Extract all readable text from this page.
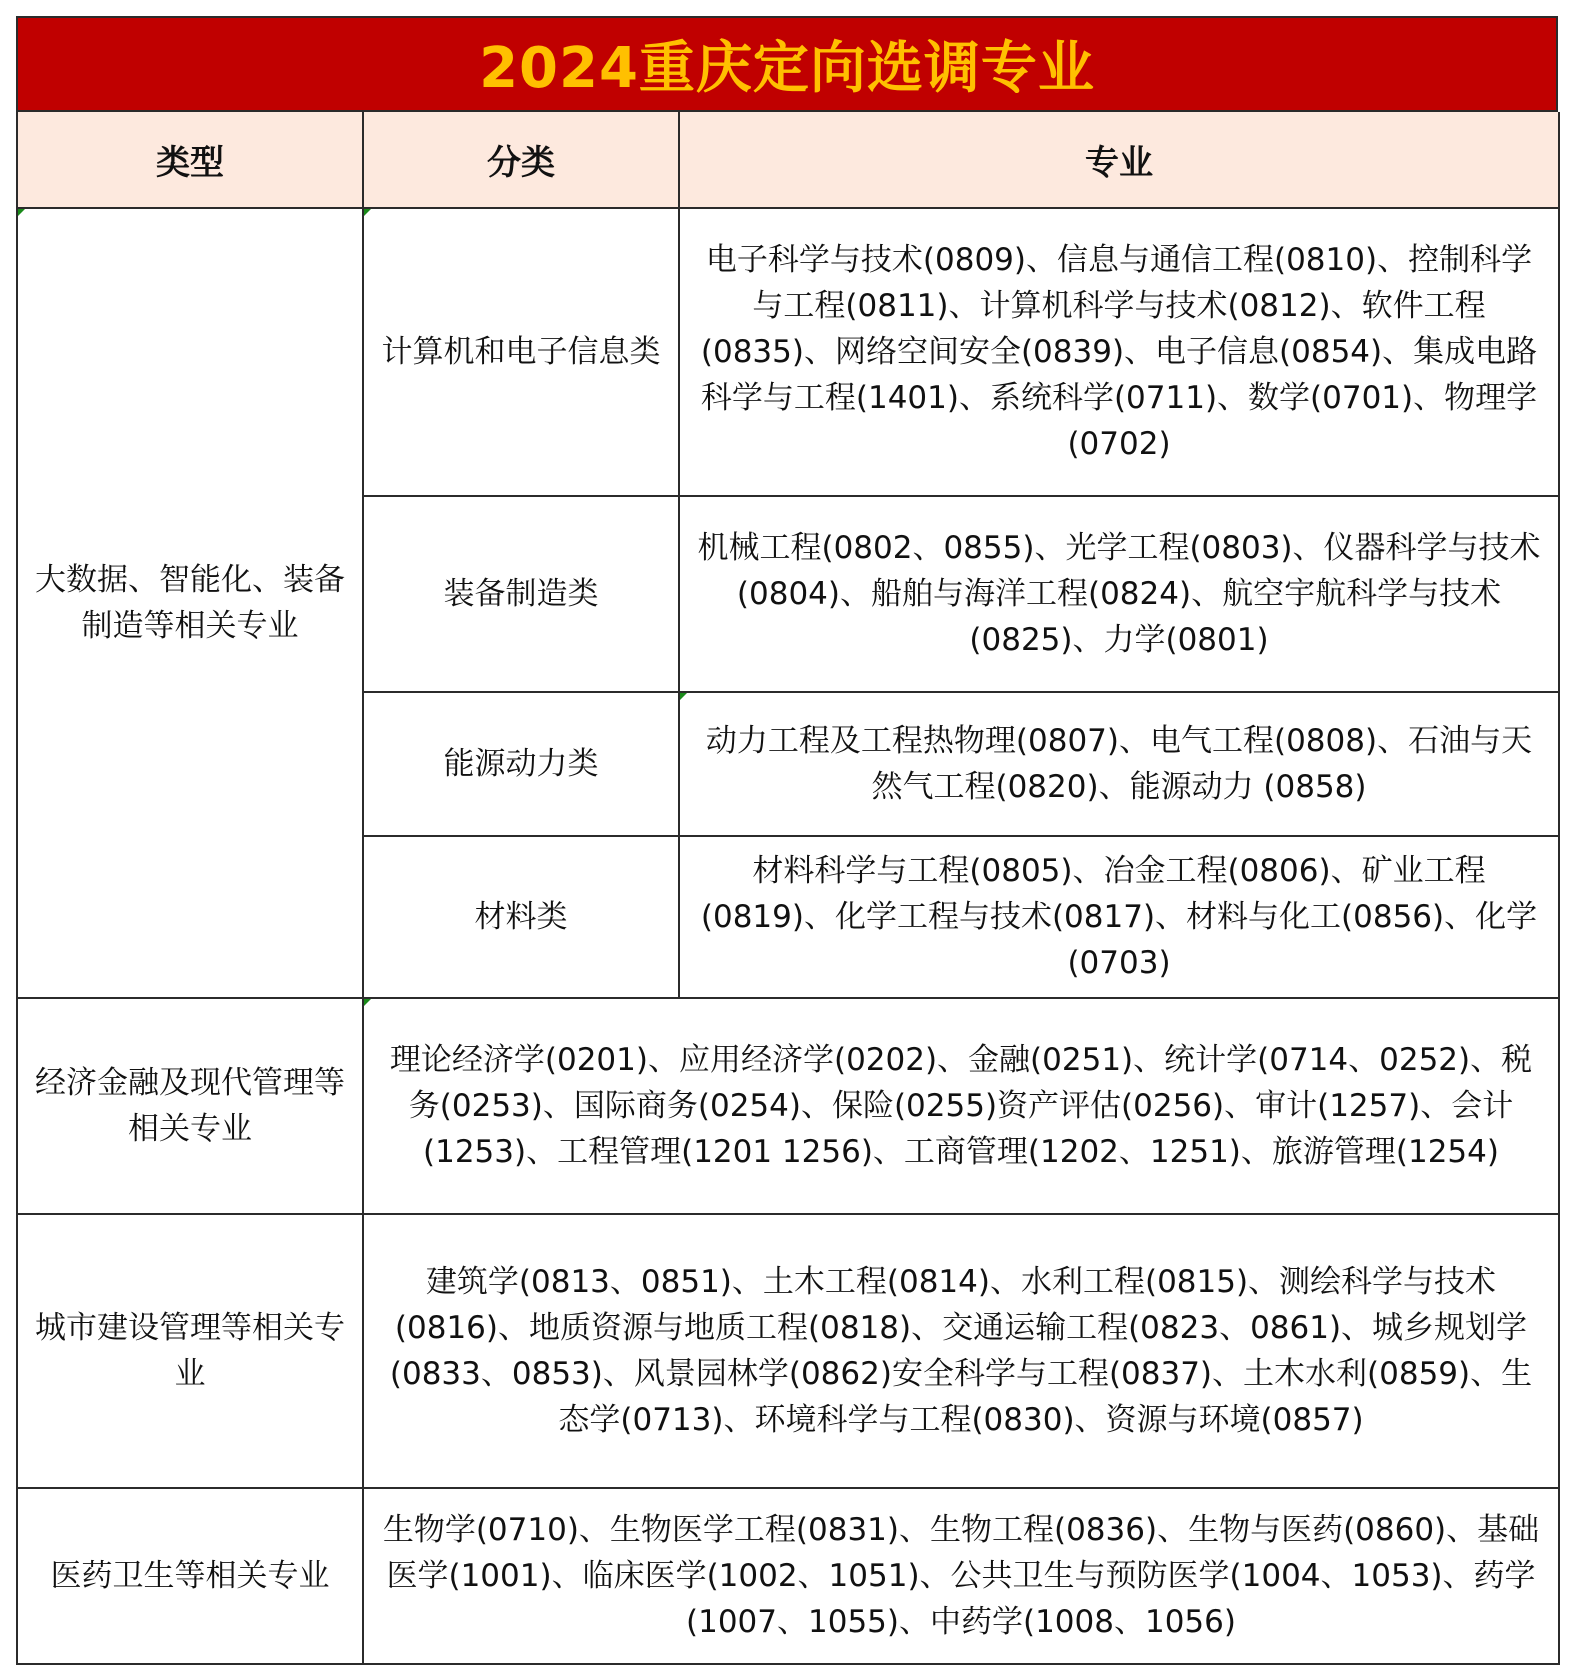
2024重庆定向选调专业
类型	分类	专业
大数据、智能化、装备制造等相关专业	计算机和电子信息类	电子科学与技术(0809)、信息与通信工程(0810)、控制科学与工程(0811)、计算机科学与技术(0812)、软件工程(0835)、网络空间安全(0839)、电子信息(0854)、集成电路科学与工程(1401)、系统科学(0711)、数学(0701)、物理学(0702)
	装备制造类	机械工程(0802、0855)、光学工程(0803)、仪器科学与技术(0804)、船舶与海洋工程(0824)、航空宇航科学与技术(0825)、力学(0801)
	能源动力类	动力工程及工程热物理(0807)、电气工程(0808)、石油与天然气工程(0820)、能源动力 (0858)
	材料类	材料科学与工程(0805)、冶金工程(0806)、矿业工程(0819)、化学工程与技术(0817)、材料与化工(0856)、化学(0703)
经济金融及现代管理等相关专业	理论经济学(0201)、应用经济学(0202)、金融(0251)、统计学(0714、0252)、税务(0253)、国际商务(0254)、保险(0255)资产评估(0256)、审计(1257)、会计(1253)、工程管理(1201 1256)、工商管理(1202、1251)、旅游管理(1254)	
城市建设管理等相关专业	建筑学(0813、0851)、土木工程(0814)、水利工程(0815)、测绘科学与技术(0816)、地质资源与地质工程(0818)、交通运输工程(0823、0861)、城乡规划学(0833、0853)、风景园林学(0862)安全科学与工程(0837)、土木水利(0859)、生态学(0713)、环境科学与工程(0830)、资源与环境(0857)	
医药卫生等相关专业	生物学(0710)、生物医学工程(0831)、生物工程(0836)、生物与医药(0860)、基础医学(1001)、临床医学(1002、1051)、公共卫生与预防医学(1004、1053)、药学(1007、1055)、中药学(1008、1056)	
